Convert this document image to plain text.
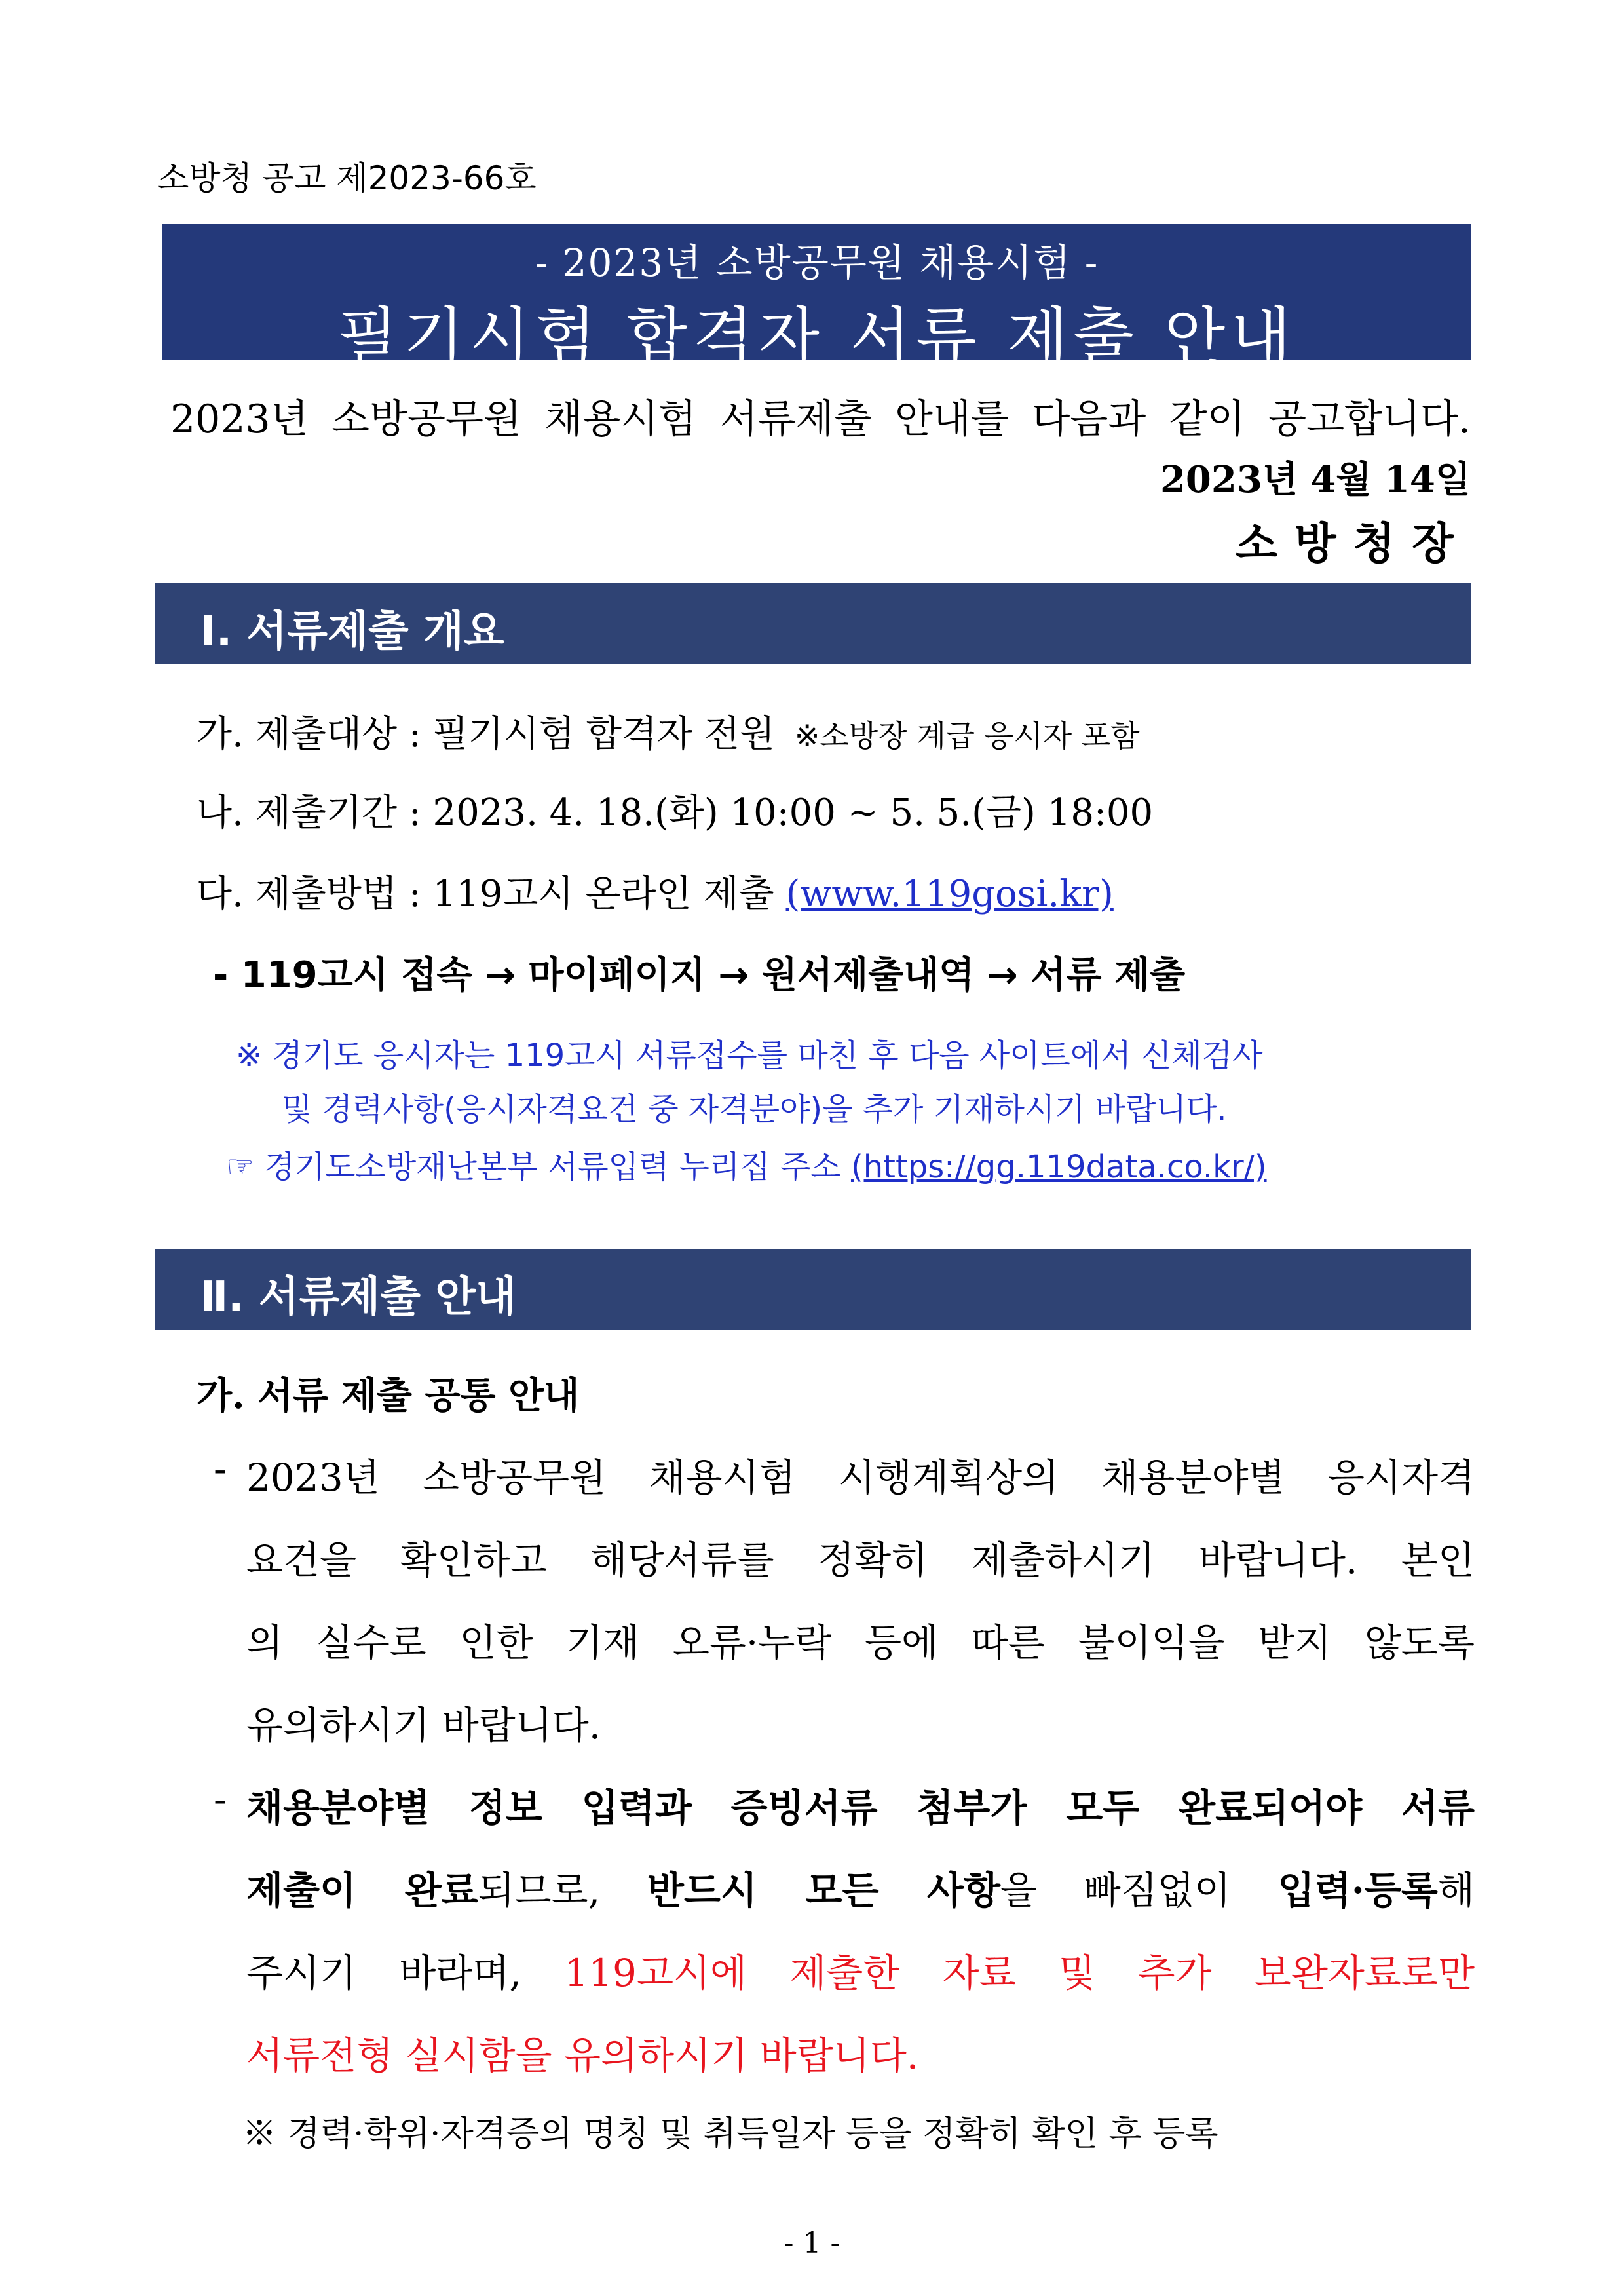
소방청 공고 제2023-66호
- 2023년 소방공무원 채용시험 -
필기시험 합격자 서류 제출 안내
2023년 소방공무원 채용시험 서류제출 안내를 다음과 같이 공고합니다.
2023년 4월 14일
소방청장
Ⅰ. 서류제출 개요
가. 제출대상 : 필기시험 합격자 전원 ※소방장 계급 응시자 포함
나. 제출기간 : 2023. 4. 18.(화) 10:00 ~ 5. 5.(금) 18:00
다. 제출방법 : 119고시 온라인 제출 (www.119gosi.kr)
- 119고시 접속 → 마이페이지 → 원서제출내역 → 서류 제출
※ 경기도 응시자는 119고시 서류접수를 마친 후 다음 사이트에서 신체검사
및 경력사항(응시자격요건 중 자격분야)을 추가 기재하시기 바랍니다.
☞ 경기도소방재난본부 서류입력 누리집 주소 (https://gg.119data.co.kr/)
Ⅱ. 서류제출 안내
가. 서류 제출 공통 안내
- 2023년 소방공무원 채용시험 시행계획상의 채용분야별 응시자격
요건을 확인하고 해당서류를 정확히 제출하시기 바랍니다. 본인
의 실수로 인한 기재 오류·누락 등에 따른 불이익을 받지 않도록
유의하시기 바랍니다.
- 채용분야별 정보 입력과 증빙서류 첨부가 모두 완료되어야 서류
제출이 완료되므로, 반드시 모든 사항을 빠짐없이 입력·등록해
주시기 바라며, 119고시에 제출한 자료 및 추가 보완자료로만
서류전형 실시함을 유의하시기 바랍니다.
※ 경력·학위·자격증의 명칭 및 취득일자 등을 정확히 확인 후 등록
- 1 -
